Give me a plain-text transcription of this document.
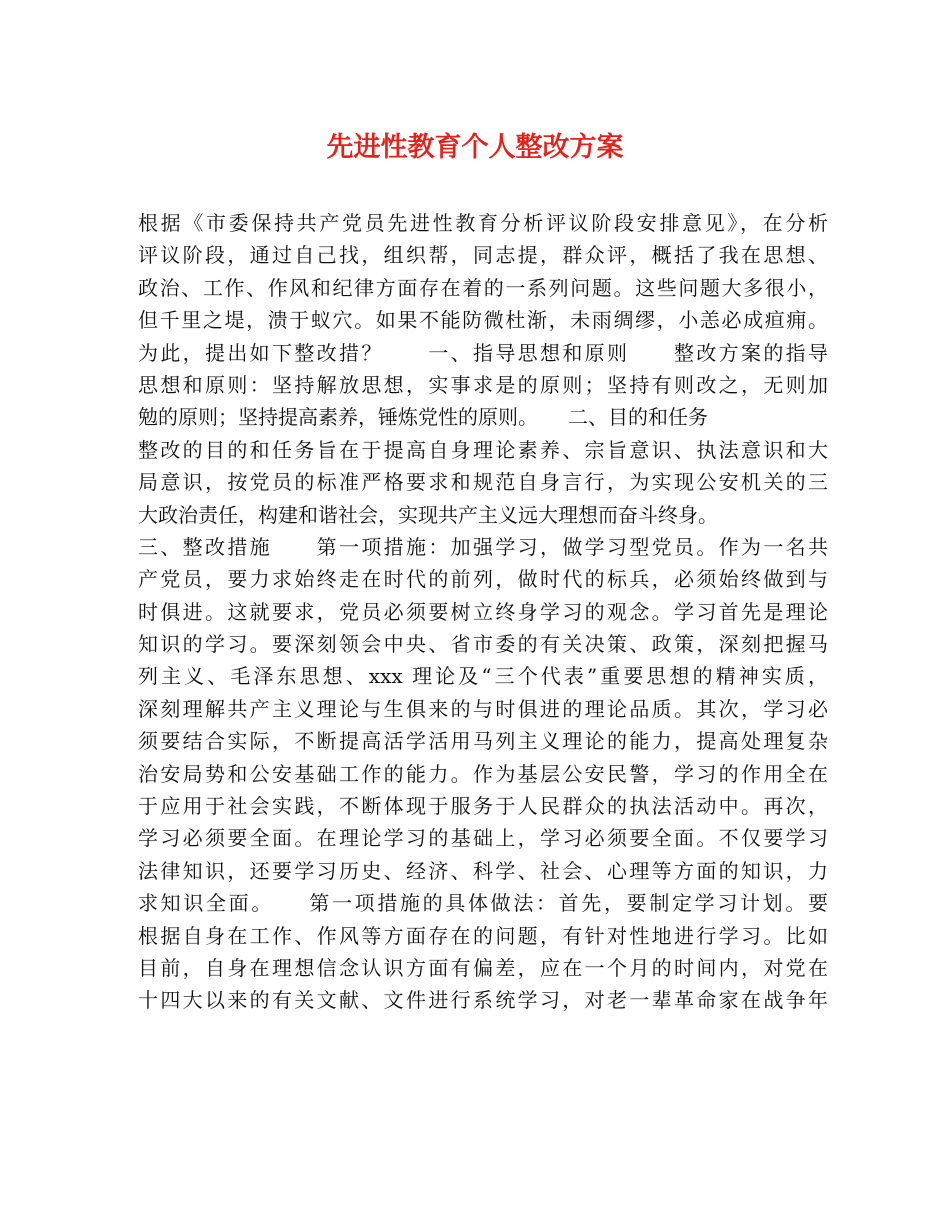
先进性教育个人整改方案
根据《市委保持共产党员先进性教育分析评议阶段安排意见》，在分析
评议阶段，通过自己找，组织帮，同志提，群众评，概括了我在思想、
政治、工作、作风和纪律方面存在着的一系列问题。这些问题大多很小，
但千里之堤，溃于蚁穴。如果不能防微杜渐，未雨绸缪，小恙必成疸痈。
为此，提出如下整改措？　　一、指导思想和原则　　整改方案的指导
思想和原则：坚持解放思想，实事求是的原则；坚持有则改之，无则加
勉的原则；坚持提高素养，锤炼党性的原则。　　二、目的和任务
整改的目的和任务旨在于提高自身理论素养、宗旨意识、执法意识和大
局意识，按党员的标准严格要求和规范自身言行，为实现公安机关的三
大政治责任，构建和谐社会，实现共产主义远大理想而奋斗终身。
三、整改措施　　第一项措施：加强学习，做学习型党员。作为一名共
产党员，要力求始终走在时代的前列，做时代的标兵，必须始终做到与
时俱进。这就要求，党员必须要树立终身学习的观念。学习首先是理论
知识的学习。要深刻领会中央、省市委的有关决策、政策，深刻把握马
列主义、毛泽东思想、xxx 理论及“三个代表”重要思想的精神实质，
深刻理解共产主义理论与生俱来的与时俱进的理论品质。其次，学习必
须要结合实际，不断提高活学活用马列主义理论的能力，提高处理复杂
治安局势和公安基础工作的能力。作为基层公安民警，学习的作用全在
于应用于社会实践，不断体现于服务于人民群众的执法活动中。再次，
学习必须要全面。在理论学习的基础上，学习必须要全面。不仅要学习
法律知识，还要学习历史、经济、科学、社会、心理等方面的知识，力
求知识全面。　　第一项措施的具体做法：首先，要制定学习计划。要
根据自身在工作、作风等方面存在的问题，有针对性地进行学习。比如
目前，自身在理想信念认识方面有偏差，应在一个月的时间内，对党在
十四大以来的有关文献、文件进行系统学习，对老一辈革命家在战争年
